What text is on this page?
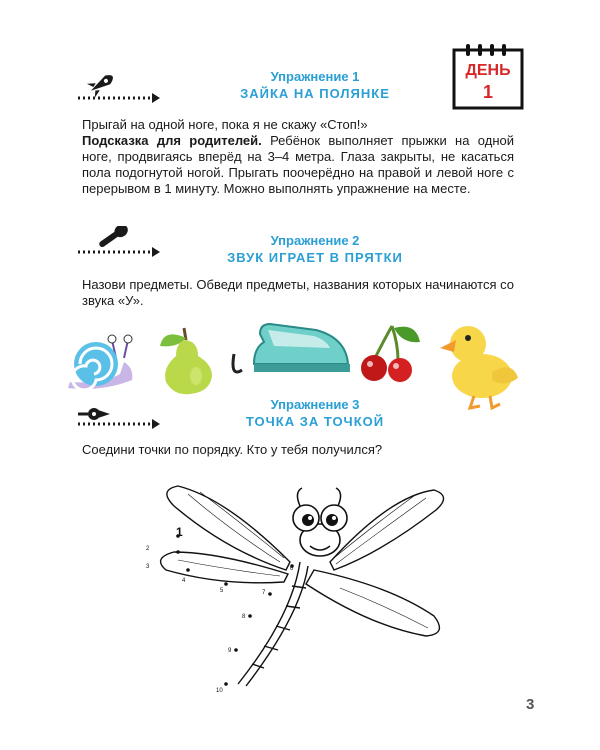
ДЕНЬ
1
Упражнение 1
ЗАЙКА НА ПОЛЯНКЕ

Прыгай на одной ноге, пока я не скажу «Стоп!»
Подсказка для родителей. Ребёнок выполняет прыжки на одной ноге, продвигаясь вперёд на 3–4 метра. Глаза закрыты, не касаться пола подогнутой ногой. Прыгать поочерёдно на правой и левой ноге с перерывом в 1 минуту. Можно выполнять упражнение на месте.

Упражнение 2
ЗВУК ИГРАЕТ В ПРЯТКИ

Назови предметы. Обведи предметы, названия которых начинаются со звука «У».

Упражнение 3
ТОЧКА ЗА ТОЧКОЙ

Соедини точки по порядку. Кто у тебя получился?

1
2
3
4
5
6
7
8
9
10
3
